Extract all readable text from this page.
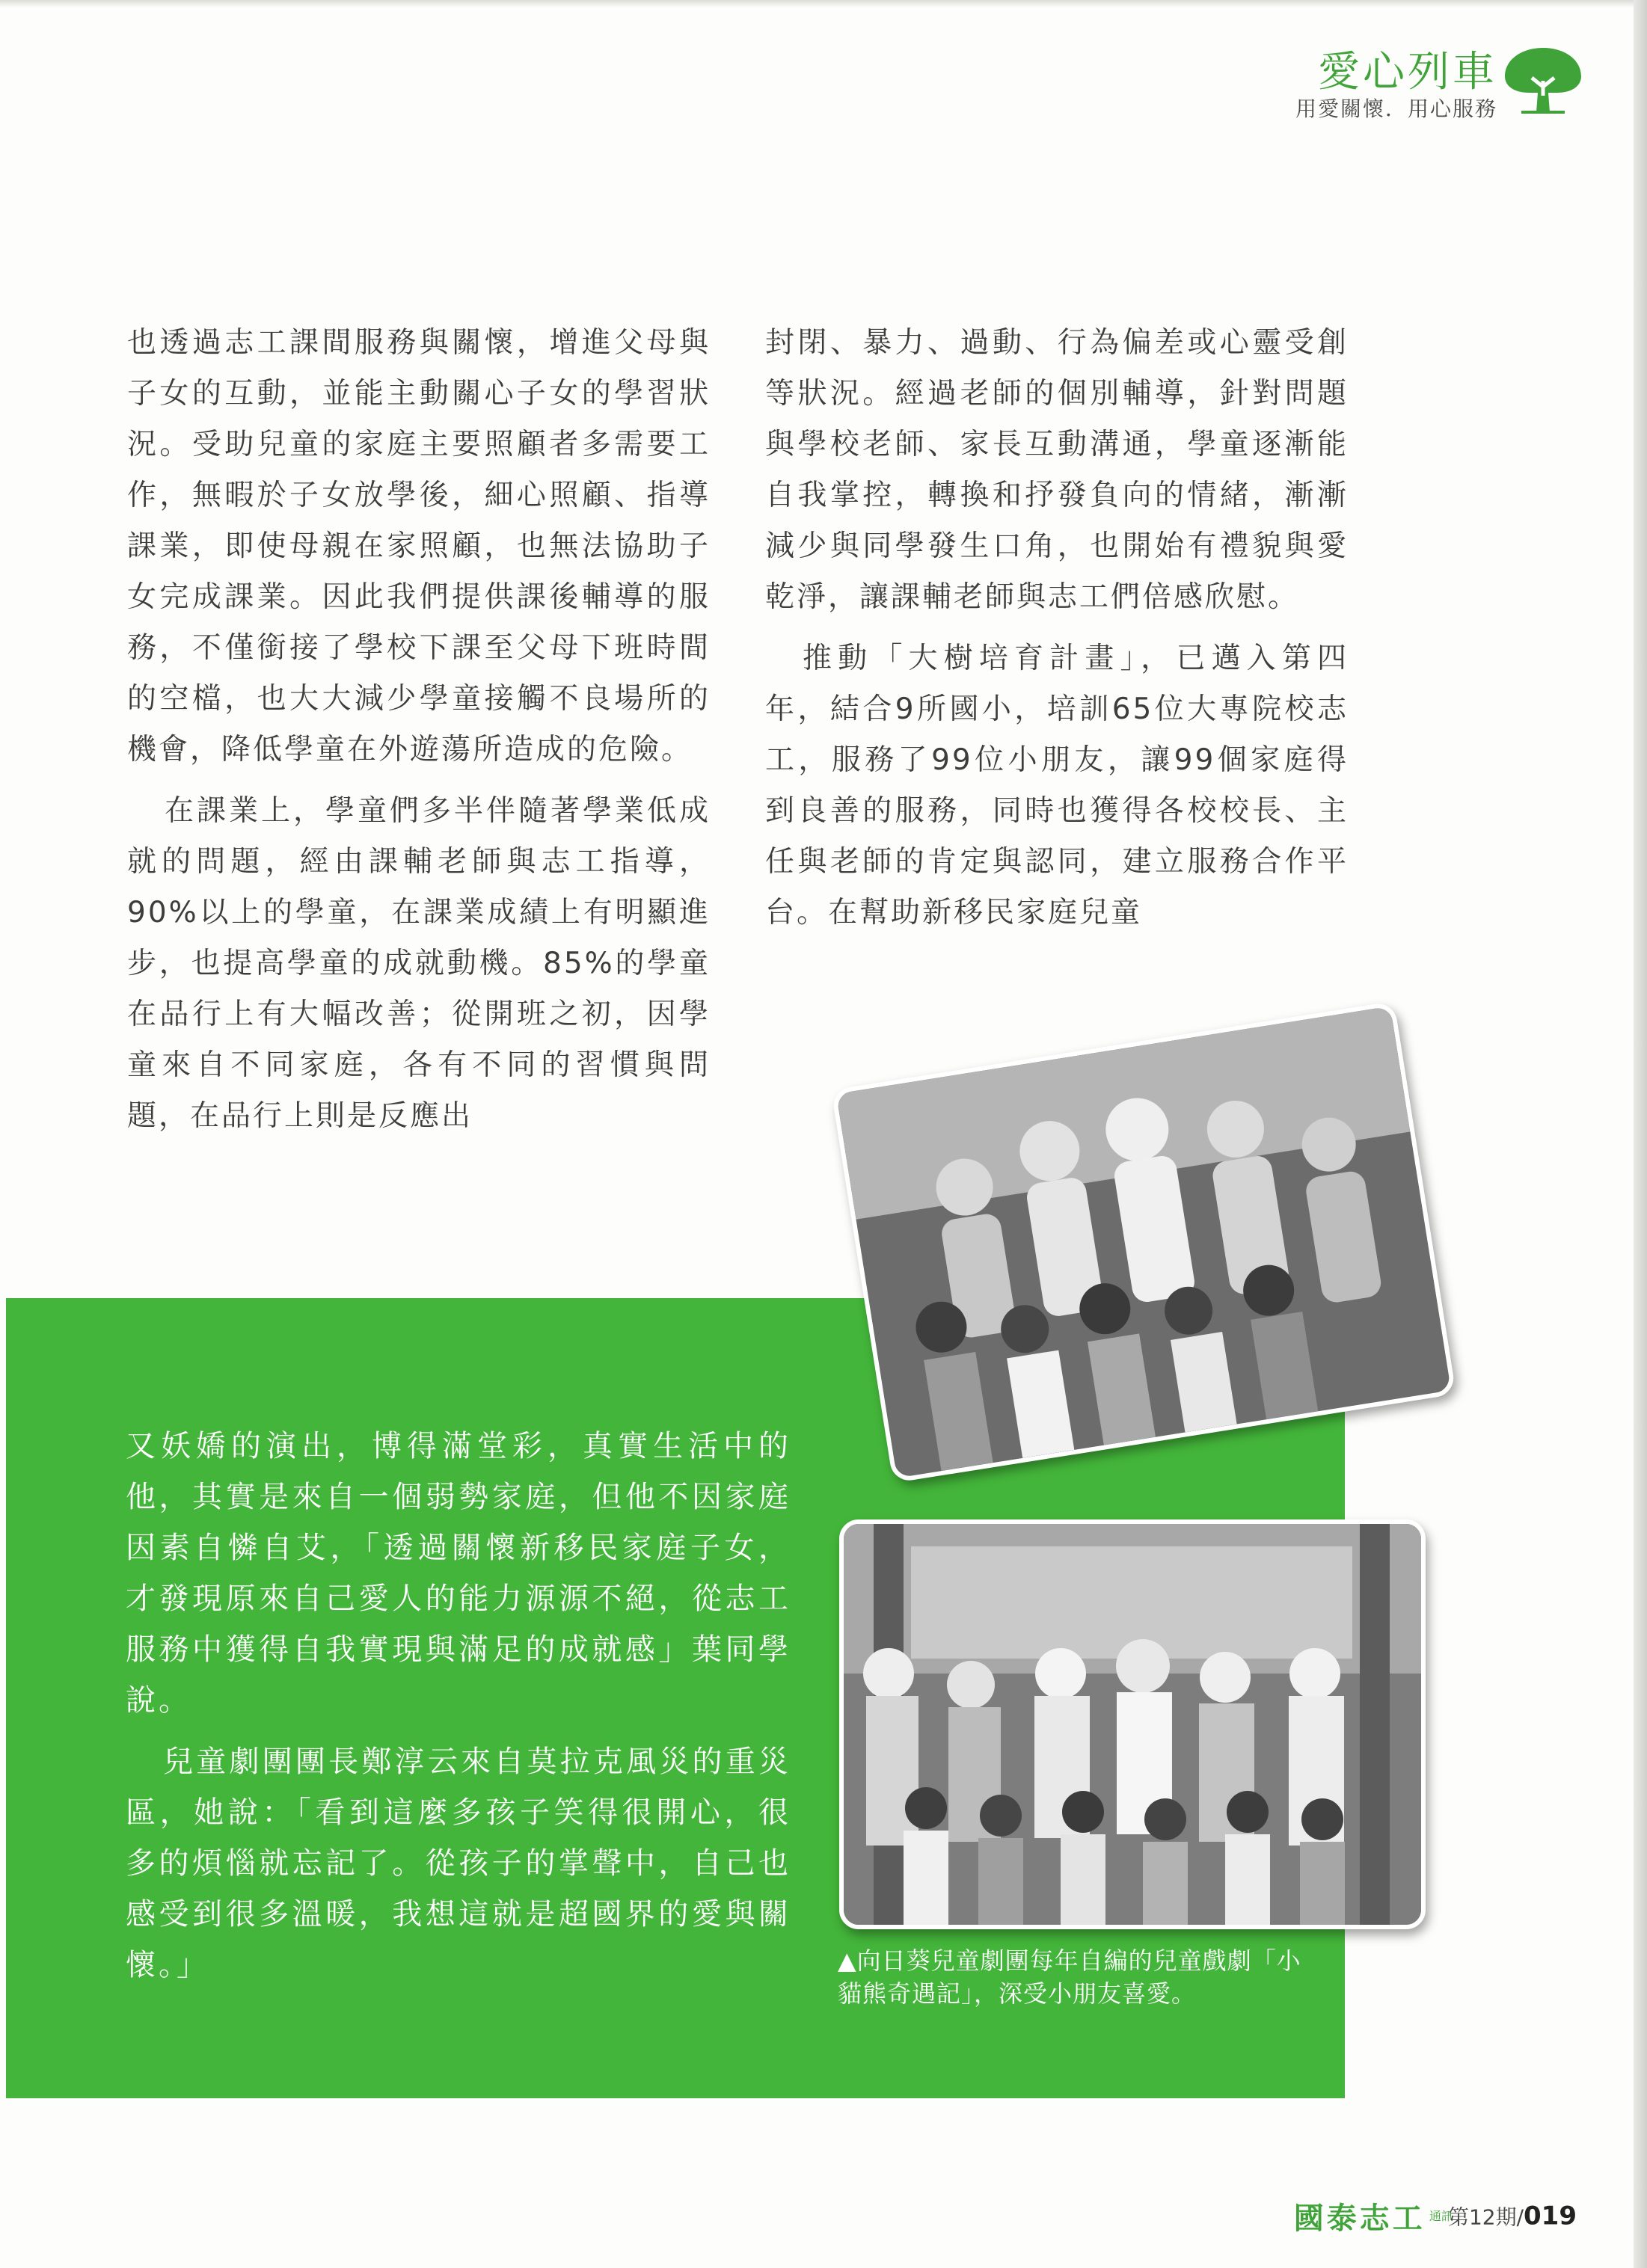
愛心列車
用愛關懷．用心服務

也透過志工課間服務與關懷，增進父母與子女的互動，並能主動關心子女的學習狀況。受助兒童的家庭主要照顧者多需要工作，無暇於子女放學後，細心照顧、指導課業，即使母親在家照顧，也無法協助子女完成課業。因此我們提供課後輔導的服務，不僅銜接了學校下課至父母下班時間的空檔，也大大減少學童接觸不良場所的機會，降低學童在外遊蕩所造成的危險。

在課業上，學童們多半伴隨著學業低成就的問題，經由課輔老師與志工指導，90%以上的學童，在課業成績上有明顯進步，也提高學童的成就動機。85%的學童在品行上有大幅改善；從開班之初，因學童來自不同家庭，各有不同的習慣與問題，在品行上則是反應出

封閉、暴力、過動、行為偏差或心靈受創等狀況。經過老師的個別輔導，針對問題與學校老師、家長互動溝通，學童逐漸能自我掌控，轉換和抒發負向的情緒，漸漸減少與同學發生口角，也開始有禮貌與愛乾淨，讓課輔老師與志工們倍感欣慰。

推動「大樹培育計畫」，已邁入第四年，結合9所國小，培訓65位大專院校志工，服務了99位小朋友，讓99個家庭得到良善的服務，同時也獲得各校校長、主任與老師的肯定與認同，建立服務合作平台。在幫助新移民家庭兒童

又妖嬌的演出，博得滿堂彩，真實生活中的他，其實是來自一個弱勢家庭，但他不因家庭因素自憐自艾，「透過關懷新移民家庭子女，才發現原來自己愛人的能力源源不絕，從志工服務中獲得自我實現與滿足的成就感」葉同學說。

兒童劇團團長鄭淳云來自莫拉克風災的重災區，她說：「看到這麼多孩子笑得很開心，很多的煩惱就忘記了。從孩子的掌聲中，自己也感受到很多溫暖，我想這就是超國界的愛與關懷。」	▲向日葵兒童劇團每年自編的兒童戲劇「小貓熊奇遇記」，深受小朋友喜愛。
國泰志工 通訊 第12期/019
